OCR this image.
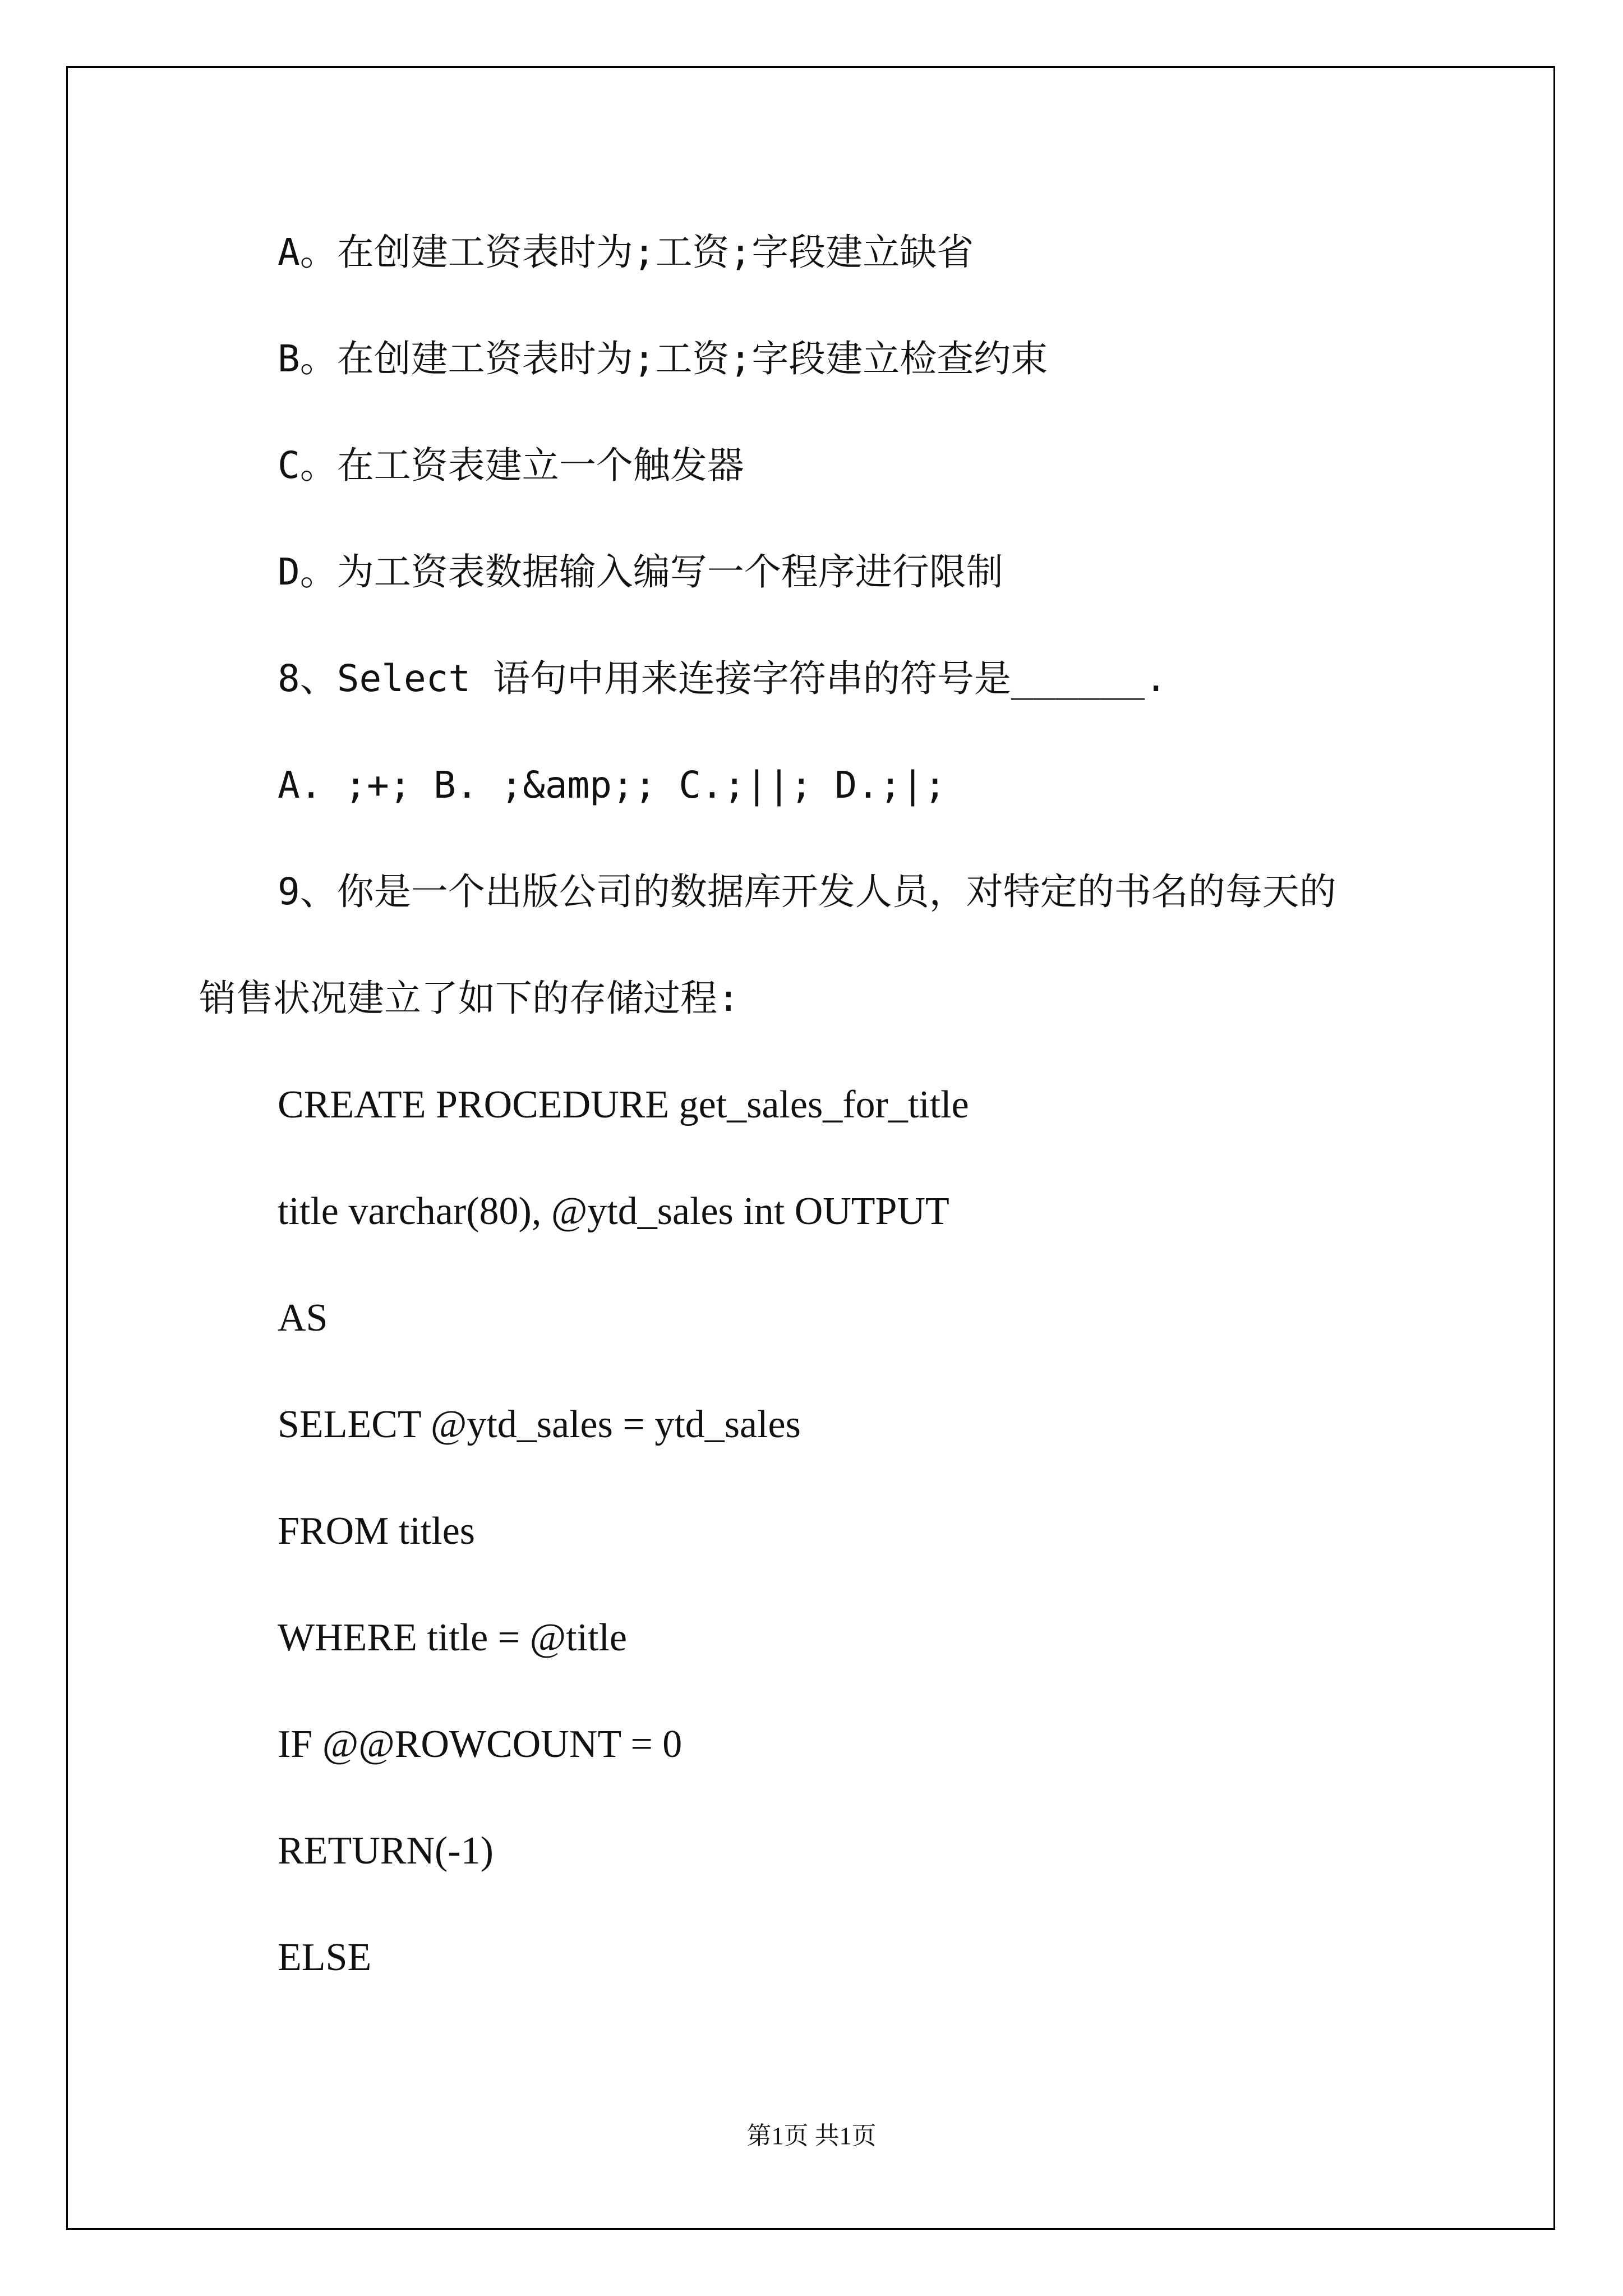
A。在创建工资表时为;工资;字段建立缺省

B。在创建工资表时为;工资;字段建立检查约束

C。在工资表建立一个触发器

D。为工资表数据输入编写一个程序进行限制

8、Select 语句中用来连接字符串的符号是______.

A. ;+; B. ;&amp;; C.;||; D.;|;

9、你是一个出版公司的数据库开发人员，对特定的书名的每天的

销售状况建立了如下的存储过程:

CREATE PROCEDURE get_sales_for_title

title varchar(80), @ytd_sales int OUTPUT

AS

SELECT @ytd_sales = ytd_sales

FROM titles

WHERE title = @title

IF @@ROWCOUNT = 0

RETURN(-1)

ELSE

第1页 共1页
